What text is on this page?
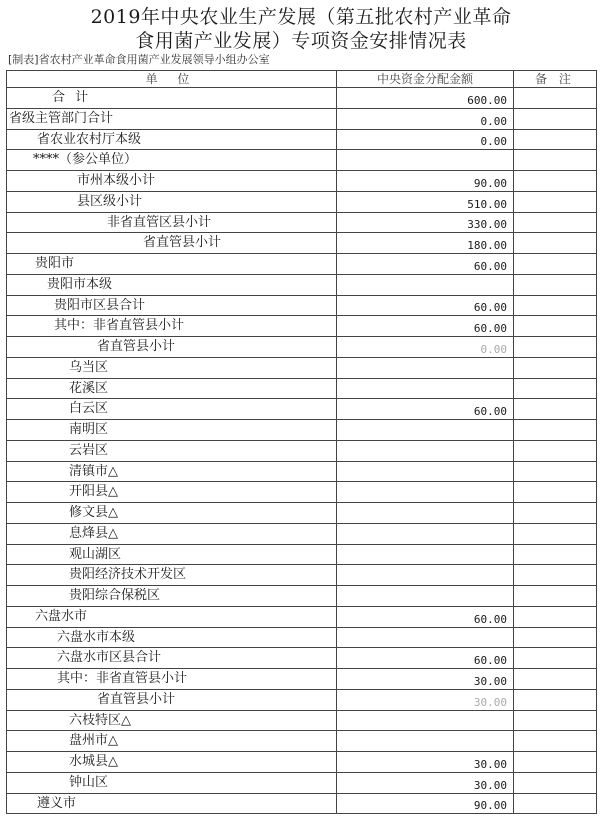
2019年中央农业生产发展（第五批农村产业革命
食用菌产业发展）专项资金安排情况表
[制表]省农村产业革命食用菌产业发展领导小组办公室
单 位	中央资金分配金额	备 注
合 计	600.00
省级主管部门合计	0.00
省农业农村厅本级	0.00
****（参公单位）
市州本级小计	90.00
县区级小计	510.00
非省直管区县小计	330.00
省直管县小计	180.00
贵阳市	60.00
贵阳市本级
贵阳市区县合计	60.00
其中：非省直管县小计	60.00
省直管县小计	0.00
乌当区
花溪区
白云区	60.00
南明区
云岩区
清镇市△
开阳县△
修文县△
息烽县△
观山湖区
贵阳经济技术开发区
贵阳综合保税区
六盘水市	60.00
六盘水市本级
六盘水市区县合计	60.00
其中：非省直管县小计	30.00
省直管县小计	30.00
六枝特区△
盘州市△
水城县△	30.00
钟山区	30.00
遵义市	90.00
